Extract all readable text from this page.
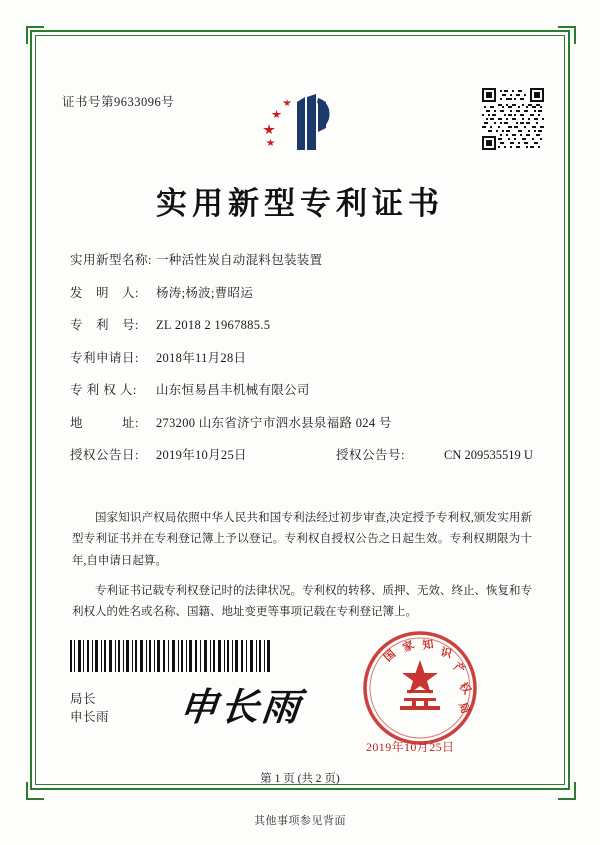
证书号第9633096号
实用新型专利证书
实用新型名称: 一种活性炭自动混料包装装置
发　明　人:	杨涛;杨波;曹昭运
专　利　号:	ZL 2018 2 1967885.5
专利申请日:	2018年11月28日
专 利 权 人:	山东恒易昌丰机械有限公司
地　　　址:	273200 山东省济宁市泗水县泉福路 024 号
授权公告日:	2019年10月25日	授权公告号:	CN 209535519 U

国家知识产权局依照中华人民共和国专利法经过初步审查,决定授予专利权,颁发实用新型专利证书并在专利登记簿上予以登记。专利权自授权公告之日起生效。专利权期限为十年,自申请日起算。

专利证书记载专利权登记时的法律状况。专利权的转移、质押、无效、终止、恢复和专利权人的姓名或名称、国籍、地址变更等事项记载在专利登记簿上。

局长
申长雨 申长雨
国
家 知
识
产
权
局
2019年10月25日
第 1 页 (共 2 页)
其他事项参见背面
